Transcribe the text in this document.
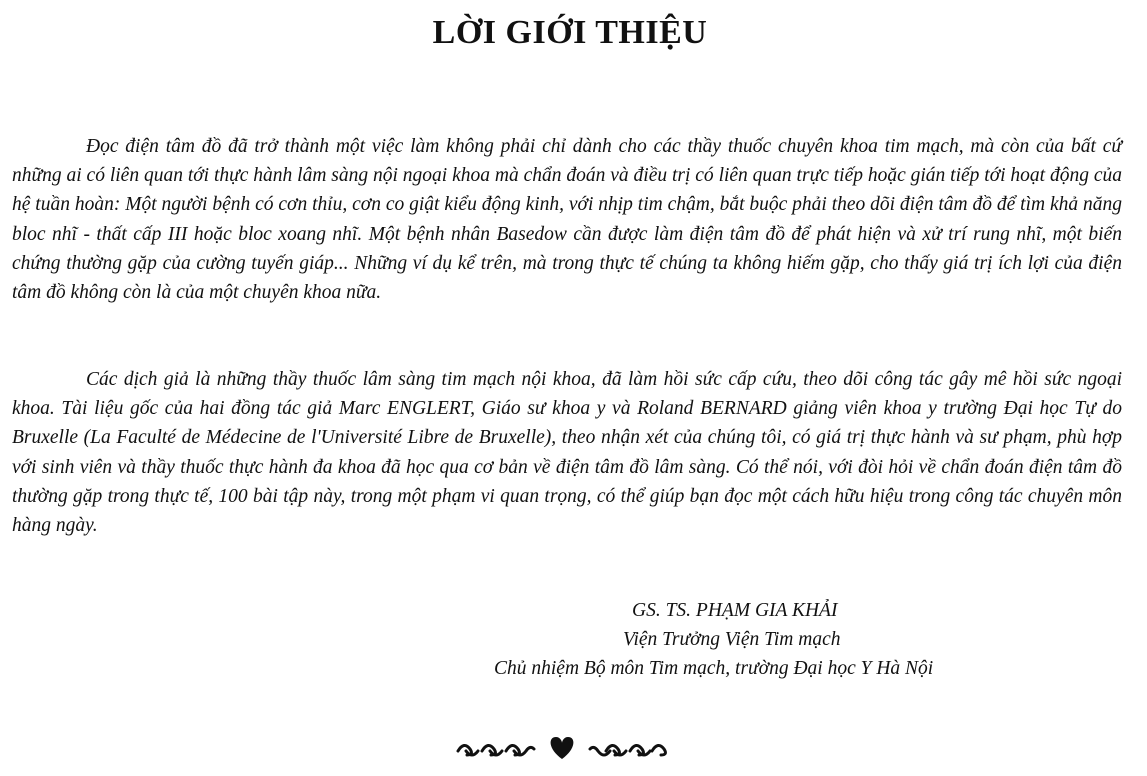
LỜI GIỚI THIỆU

Đọc điện tâm đồ đã trở thành một việc làm không phải chỉ dành cho các thầy thuốc chuyên khoa tim mạch, mà còn của bất cứ những ai có liên quan tới thực hành lâm sàng nội ngoại khoa mà chẩn đoán và điều trị có liên quan trực tiếp hoặc gián tiếp tới hoạt động của hệ tuần hoàn: Một người bệnh có cơn thỉu, cơn co giật kiểu động kinh, với nhịp tim chậm, bắt buộc phải theo dõi điện tâm đồ để tìm khả năng bloc nhĩ - thất cấp III hoặc bloc xoang nhĩ. Một bệnh nhân Basedow cần được làm điện tâm đồ để phát hiện và xử trí rung nhĩ, một biến chứng thường gặp của cường tuyến giáp... Những ví dụ kể trên, mà trong thực tế chúng ta không hiếm gặp, cho thấy giá trị ích lợi của điện tâm đồ không còn là của một chuyên khoa nữa.

Các dịch giả là những thầy thuốc lâm sàng tim mạch nội khoa, đã làm hồi sức cấp cứu, theo dõi công tác gây mê hồi sức ngoại khoa. Tài liệu gốc của hai đồng tác giả Marc ENGLERT, Giáo sư khoa y và Roland BERNARD giảng viên khoa y trường Đại học Tự do Bruxelle (La Faculté de Médecine de l'Université Libre de Bruxelle), theo nhận xét của chúng tôi, có giá trị thực hành và sư phạm, phù hợp với sinh viên và thầy thuốc thực hành đa khoa đã học qua cơ bản về điện tâm đồ lâm sàng. Có thể nói, với đòi hỏi về chẩn đoán điện tâm đồ thường gặp trong thực tế, 100 bài tập này, trong một phạm vi quan trọng, có thể giúp bạn đọc một cách hữu hiệu trong công tác chuyên môn hàng ngày.

GS. TS. PHẠM GIA KHẢI
Viện Trưởng Viện Tim mạch
Chủ nhiệm Bộ môn Tim mạch, trường Đại học Y Hà Nội
